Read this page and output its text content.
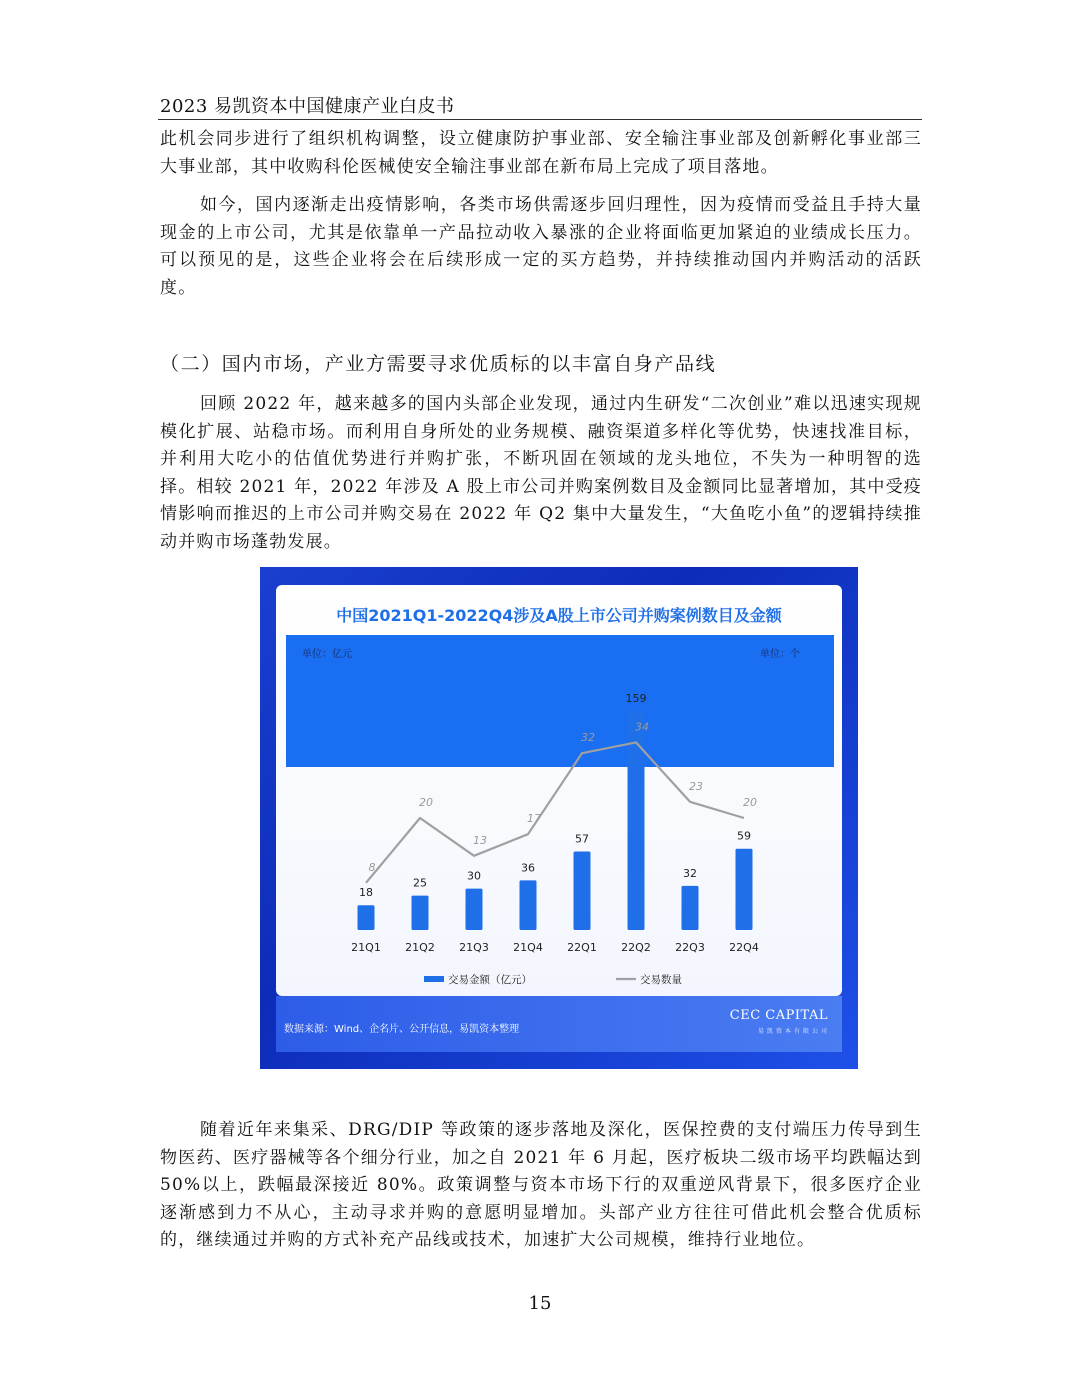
2023 易凯资本中国健康产业白皮书

此机会同步进行了组织机构调整，设立健康防护事业部、安全输注事业部及创新孵化事业部三大事业部，其中收购科伦医械使安全输注事业部在新布局上完成了项目落地。

如今，国内逐渐走出疫情影响，各类市场供需逐步回归理性，因为疫情而受益且手持大量现金的上市公司，尤其是依靠单一产品拉动收入暴涨的企业将面临更加紧迫的业绩成长压力。可以预见的是，这些企业将会在后续形成一定的买方趋势，并持续推动国内并购活动的活跃度。

（二）国内市场，产业方需要寻求优质标的以丰富自身产品线

回顾 2022 年，越来越多的国内头部企业发现，通过内生研发“二次创业”难以迅速实现规模化扩展、站稳市场。而利用自身所处的业务规模、融资渠道多样化等优势，快速找准目标，并利用大吃小的估值优势进行并购扩张，不断巩固在领域的龙头地位，不失为一种明智的选择。相较 2021 年，2022 年涉及 A 股上市公司并购案例数目及金额同比显著增加，其中受疫情影响而推迟的上市公司并购交易在 2022 年 Q2 集中大量发生，“大鱼吃小鱼”的逻辑持续推动并购市场蓬勃发展。

中国2021Q1-2022Q4涉及A股上市公司并购案例数目及金额
单位：亿元	单位：个
18
21Q1
25
21Q2
30
21Q3
36
21Q4
57
22Q1
159
22Q2
32
22Q3
59
22Q4
8
20
13
17
32
34
23
20
交易金额（亿元）	交易数量
数据来源：Wind、企名片、公开信息，易凯资本整理
CEC CAPITAL
易凯资本有限公司

随着近年来集采、DRG/DIP 等政策的逐步落地及深化，医保控费的支付端压力传导到生物医药、医疗器械等各个细分行业，加之自 2021 年 6 月起，医疗板块二级市场平均跌幅达到 50%以上，跌幅最深接近 80%。政策调整与资本市场下行的双重逆风背景下，很多医疗企业逐渐感到力不从心，主动寻求并购的意愿明显增加。头部产业方往往可借此机会整合优质标的，继续通过并购的方式补充产品线或技术，加速扩大公司规模，维持行业地位。

15
